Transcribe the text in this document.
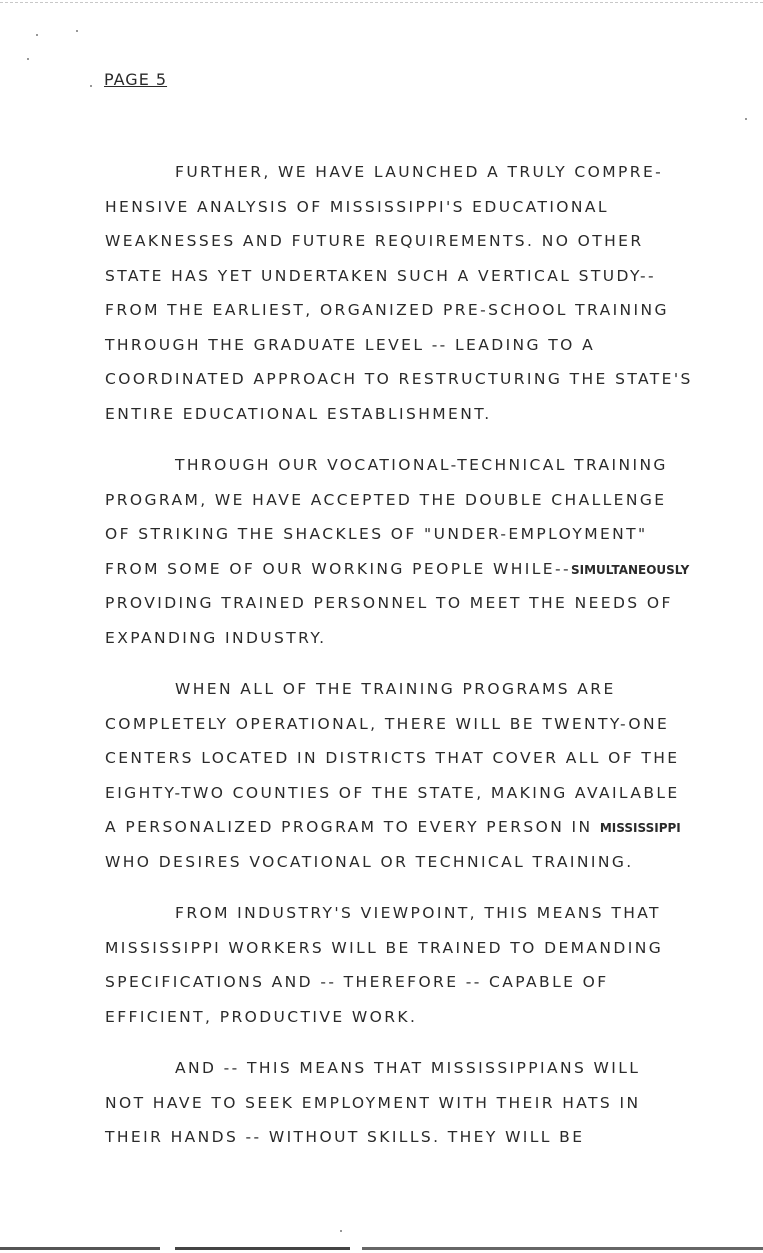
PAGE 5
FURTHER, WE HAVE LAUNCHED A TRULY COMPRE-
HENSIVE ANALYSIS OF MISSISSIPPI'S EDUCATIONAL
WEAKNESSES AND FUTURE REQUIREMENTS. NO OTHER
STATE HAS YET UNDERTAKEN SUCH A VERTICAL STUDY--
FROM THE EARLIEST, ORGANIZED PRE-SCHOOL TRAINING
THROUGH THE GRADUATE LEVEL -- LEADING TO A
COORDINATED APPROACH TO RESTRUCTURING THE STATE'S
ENTIRE EDUCATIONAL ESTABLISHMENT.
THROUGH OUR VOCATIONAL-TECHNICAL TRAINING
PROGRAM, WE HAVE ACCEPTED THE DOUBLE CHALLENGE
OF STRIKING THE SHACKLES OF "UNDER-EMPLOYMENT"
FROM SOME OF OUR WORKING PEOPLE WHILE--SIMULTANEOUSLY
PROVIDING TRAINED PERSONNEL TO MEET THE NEEDS OF
EXPANDING INDUSTRY.
WHEN ALL OF THE TRAINING PROGRAMS ARE
COMPLETELY OPERATIONAL, THERE WILL BE TWENTY-ONE
CENTERS LOCATED IN DISTRICTS THAT COVER ALL OF THE
EIGHTY-TWO COUNTIES OF THE STATE, MAKING AVAILABLE
A PERSONALIZED PROGRAM TO EVERY PERSON IN MISSISSIPPI
WHO DESIRES VOCATIONAL OR TECHNICAL TRAINING.
FROM INDUSTRY'S VIEWPOINT, THIS MEANS THAT
MISSISSIPPI WORKERS WILL BE TRAINED TO DEMANDING
SPECIFICATIONS AND -- THEREFORE -- CAPABLE OF
EFFICIENT, PRODUCTIVE WORK.
AND -- THIS MEANS THAT MISSISSIPPIANS WILL
NOT HAVE TO SEEK EMPLOYMENT WITH THEIR HATS IN
THEIR HANDS -- WITHOUT SKILLS. THEY WILL BE
